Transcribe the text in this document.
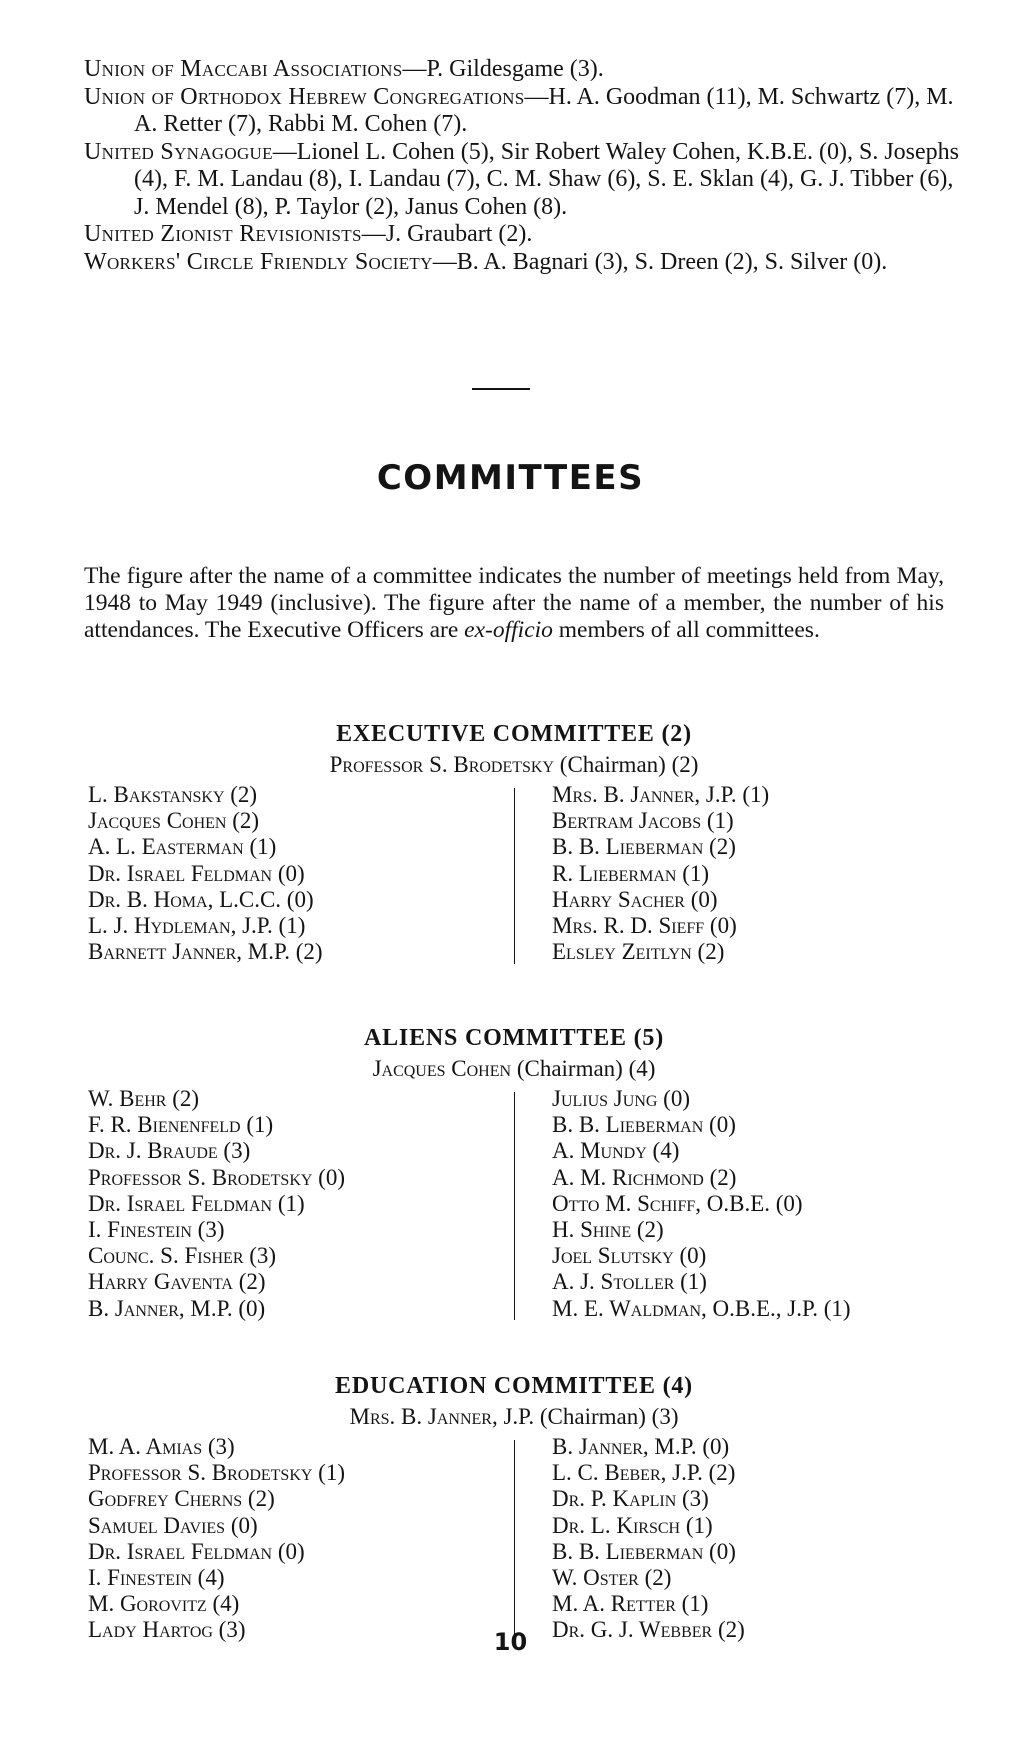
Union of Maccabi Associations—P. Gildesgame (3).

Union of Orthodox Hebrew Congregations—H. A. Goodman (11), M. Schwartz (7), M. A. Retter (7), Rabbi M. Cohen (7).

United Synagogue—Lionel L. Cohen (5), Sir Robert Waley Cohen, K.B.E. (0), S. Josephs (4), F. M. Landau (8), I. Landau (7), C. M. Shaw (6), S. E. Sklan (4), G. J. Tibber (6), J. Mendel (8), P. Taylor (2), Janus Cohen (8).

United Zionist Revisionists—J. Graubart (2).

Workers' Circle Friendly Society—B. A. Bagnari (3), S. Dreen (2), S. Silver (0).

COMMITTEES

The figure after the name of a committee indicates the number of meetings held from May, 1948 to May 1949 (inclusive). The figure after the name of a member, the number of his attendances. The Executive Officers are ex-officio members of all committees.

EXECUTIVE COMMITTEE (2)

Professor S. Brodetsky (Chairman) (2)

L. Bakstansky (2)
Jacques Cohen (2)
A. L. Easterman (1)
Dr. Israel Feldman (0)
Dr. B. Homa, L.C.C. (0)
L. J. Hydleman, J.P. (1)
Barnett Janner, M.P. (2)
Mrs. B. Janner, J.P. (1)
Bertram Jacobs (1)
B. B. Lieberman (2)
R. Lieberman (1)
Harry Sacher (0)
Mrs. R. D. Sieff (0)
Elsley Zeitlyn (2)
ALIENS COMMITTEE (5)

Jacques Cohen (Chairman) (4)

W. Behr (2)
F. R. Bienenfeld (1)
Dr. J. Braude (3)
Professor S. Brodetsky (0)
Dr. Israel Feldman (1)
I. Finestein (3)
Counc. S. Fisher (3)
Harry Gaventa (2)
B. Janner, M.P. (0)
Julius Jung (0)
B. B. Lieberman (0)
A. Mundy (4)
A. M. Richmond (2)
Otto M. Schiff, O.B.E. (0)
H. Shine (2)
Joel Slutsky (0)
A. J. Stoller (1)
M. E. Waldman, O.B.E., J.P. (1)
EDUCATION COMMITTEE (4)

Mrs. B. Janner, J.P. (Chairman) (3)

M. A. Amias (3)
Professor S. Brodetsky (1)
Godfrey Cherns (2)
Samuel Davies (0)
Dr. Israel Feldman (0)
I. Finestein (4)
M. Gorovitz (4)
Lady Hartog (3)
B. Janner, M.P. (0)
L. C. Beber, J.P. (2)
Dr. P. Kaplin (3)
Dr. L. Kirsch (1)
B. B. Lieberman (0)
W. Oster (2)
M. A. Retter (1)
Dr. G. J. Webber (2)
10
